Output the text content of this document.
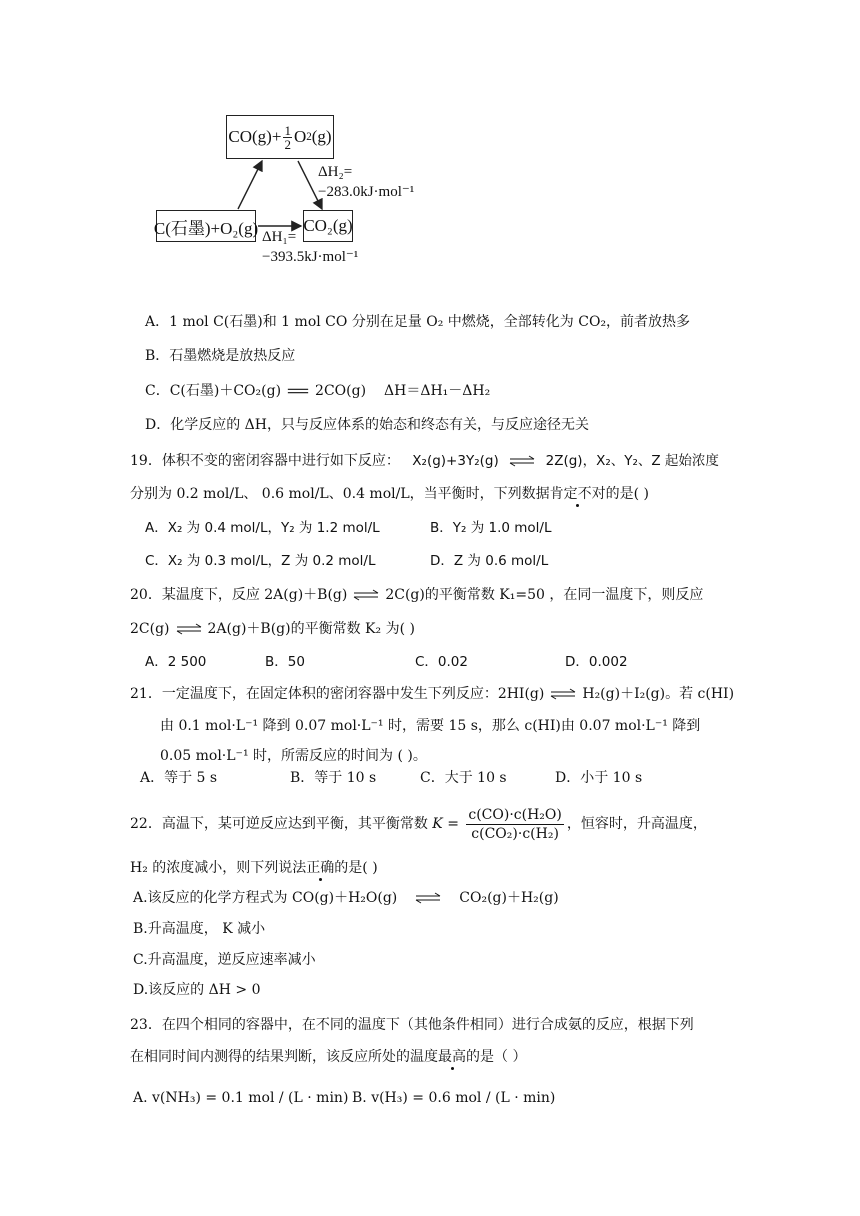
$CO(g)+ \frac{1}{2}$ O 2 (g)
C(石墨)+O₂(g)	CO₂(g)
ΔH₂=
−283.0kJ·mol⁻¹
ΔH₁=
−393.5kJ·mol⁻¹
A．1 mol C(石墨)和 1 mol CO 分别在足量 O₂ 中燃烧，全部转化为 CO₂，前者放热多
B．石墨燃烧是放热反应
C．C(石墨)＋CO₂(g) 2CO(g) ΔH＝ΔH₁－ΔH₂
D．化学反应的 ΔH，只与反应体系的始态和终态有关，与反应途径无关
19．体积不变的密闭容器中进行如下反应： X₂(g)+3Y₂(g) ⇌ 2Z(g)，X₂、Y₂、Z 起始浓度
分别为 0.2 mol/L、 0.6 mol/L、0.4 mol/L，当平衡时，下列数据肯定不对的是( )
A．X₂ 为 0.4 mol/L，Y₂ 为 1.2 mol/L	B．Y₂ 为 1.0 mol/L
C．X₂ 为 0.3 mol/L，Z 为 0.2 mol/L	D．Z 为 0.6 mol/L
20．某温度下，反应 2A(g)＋B(g) ⇌ 2C(g)的平衡常数 K₁=50 ，在同一温度下，则反应
2C(g) ⇌ 2A(g)＋B(g)的平衡常数 K₂ 为( )
A．2 500	B．50	C．0.02	D．0.002
21．一定温度下，在固定体积的密闭容器中发生下列反应：2HI(g) ⇌ H₂(g)＋I₂(g)。若 c(HI)
由 0.1 mol·L⁻¹ 降到 0.07 mol·L⁻¹ 时，需要 15 s，那么 c(HI)由 0.07 mol·L⁻¹ 降到
0.05 mol·L⁻¹ 时，所需反应的时间为 ( )。
A．等于 5 s	B．等于 10 s	C．大于 10 s	D．小于 10 s
22．高温下，某可逆反应达到平衡，其平衡常数 $K = \frac{\text{c(CO)·c(H₂O)}}{\text{c(CO₂)·c(H₂)}}$ ，恒容时，升高温度，
H₂ 的浓度减小，则下列说法正确的是( )
A.该反应的化学方程式为 CO(g)＋H₂O(g) ⇌ CO₂(g)＋H₂(g)
B.升高温度， K 减小
C.升高温度，逆反应速率减小
D.该反应的 ΔH > 0
23．在四个相同的容器中，在不同的温度下（其他条件相同）进行合成氨的反应，根据下列
在相同时间内测得的结果判断，该反应所处的温度最高的是（ ）
A. v(NH₃) = 0.1 mol / (L · min) B. v(H₃) = 0.6 mol / (L · min)
